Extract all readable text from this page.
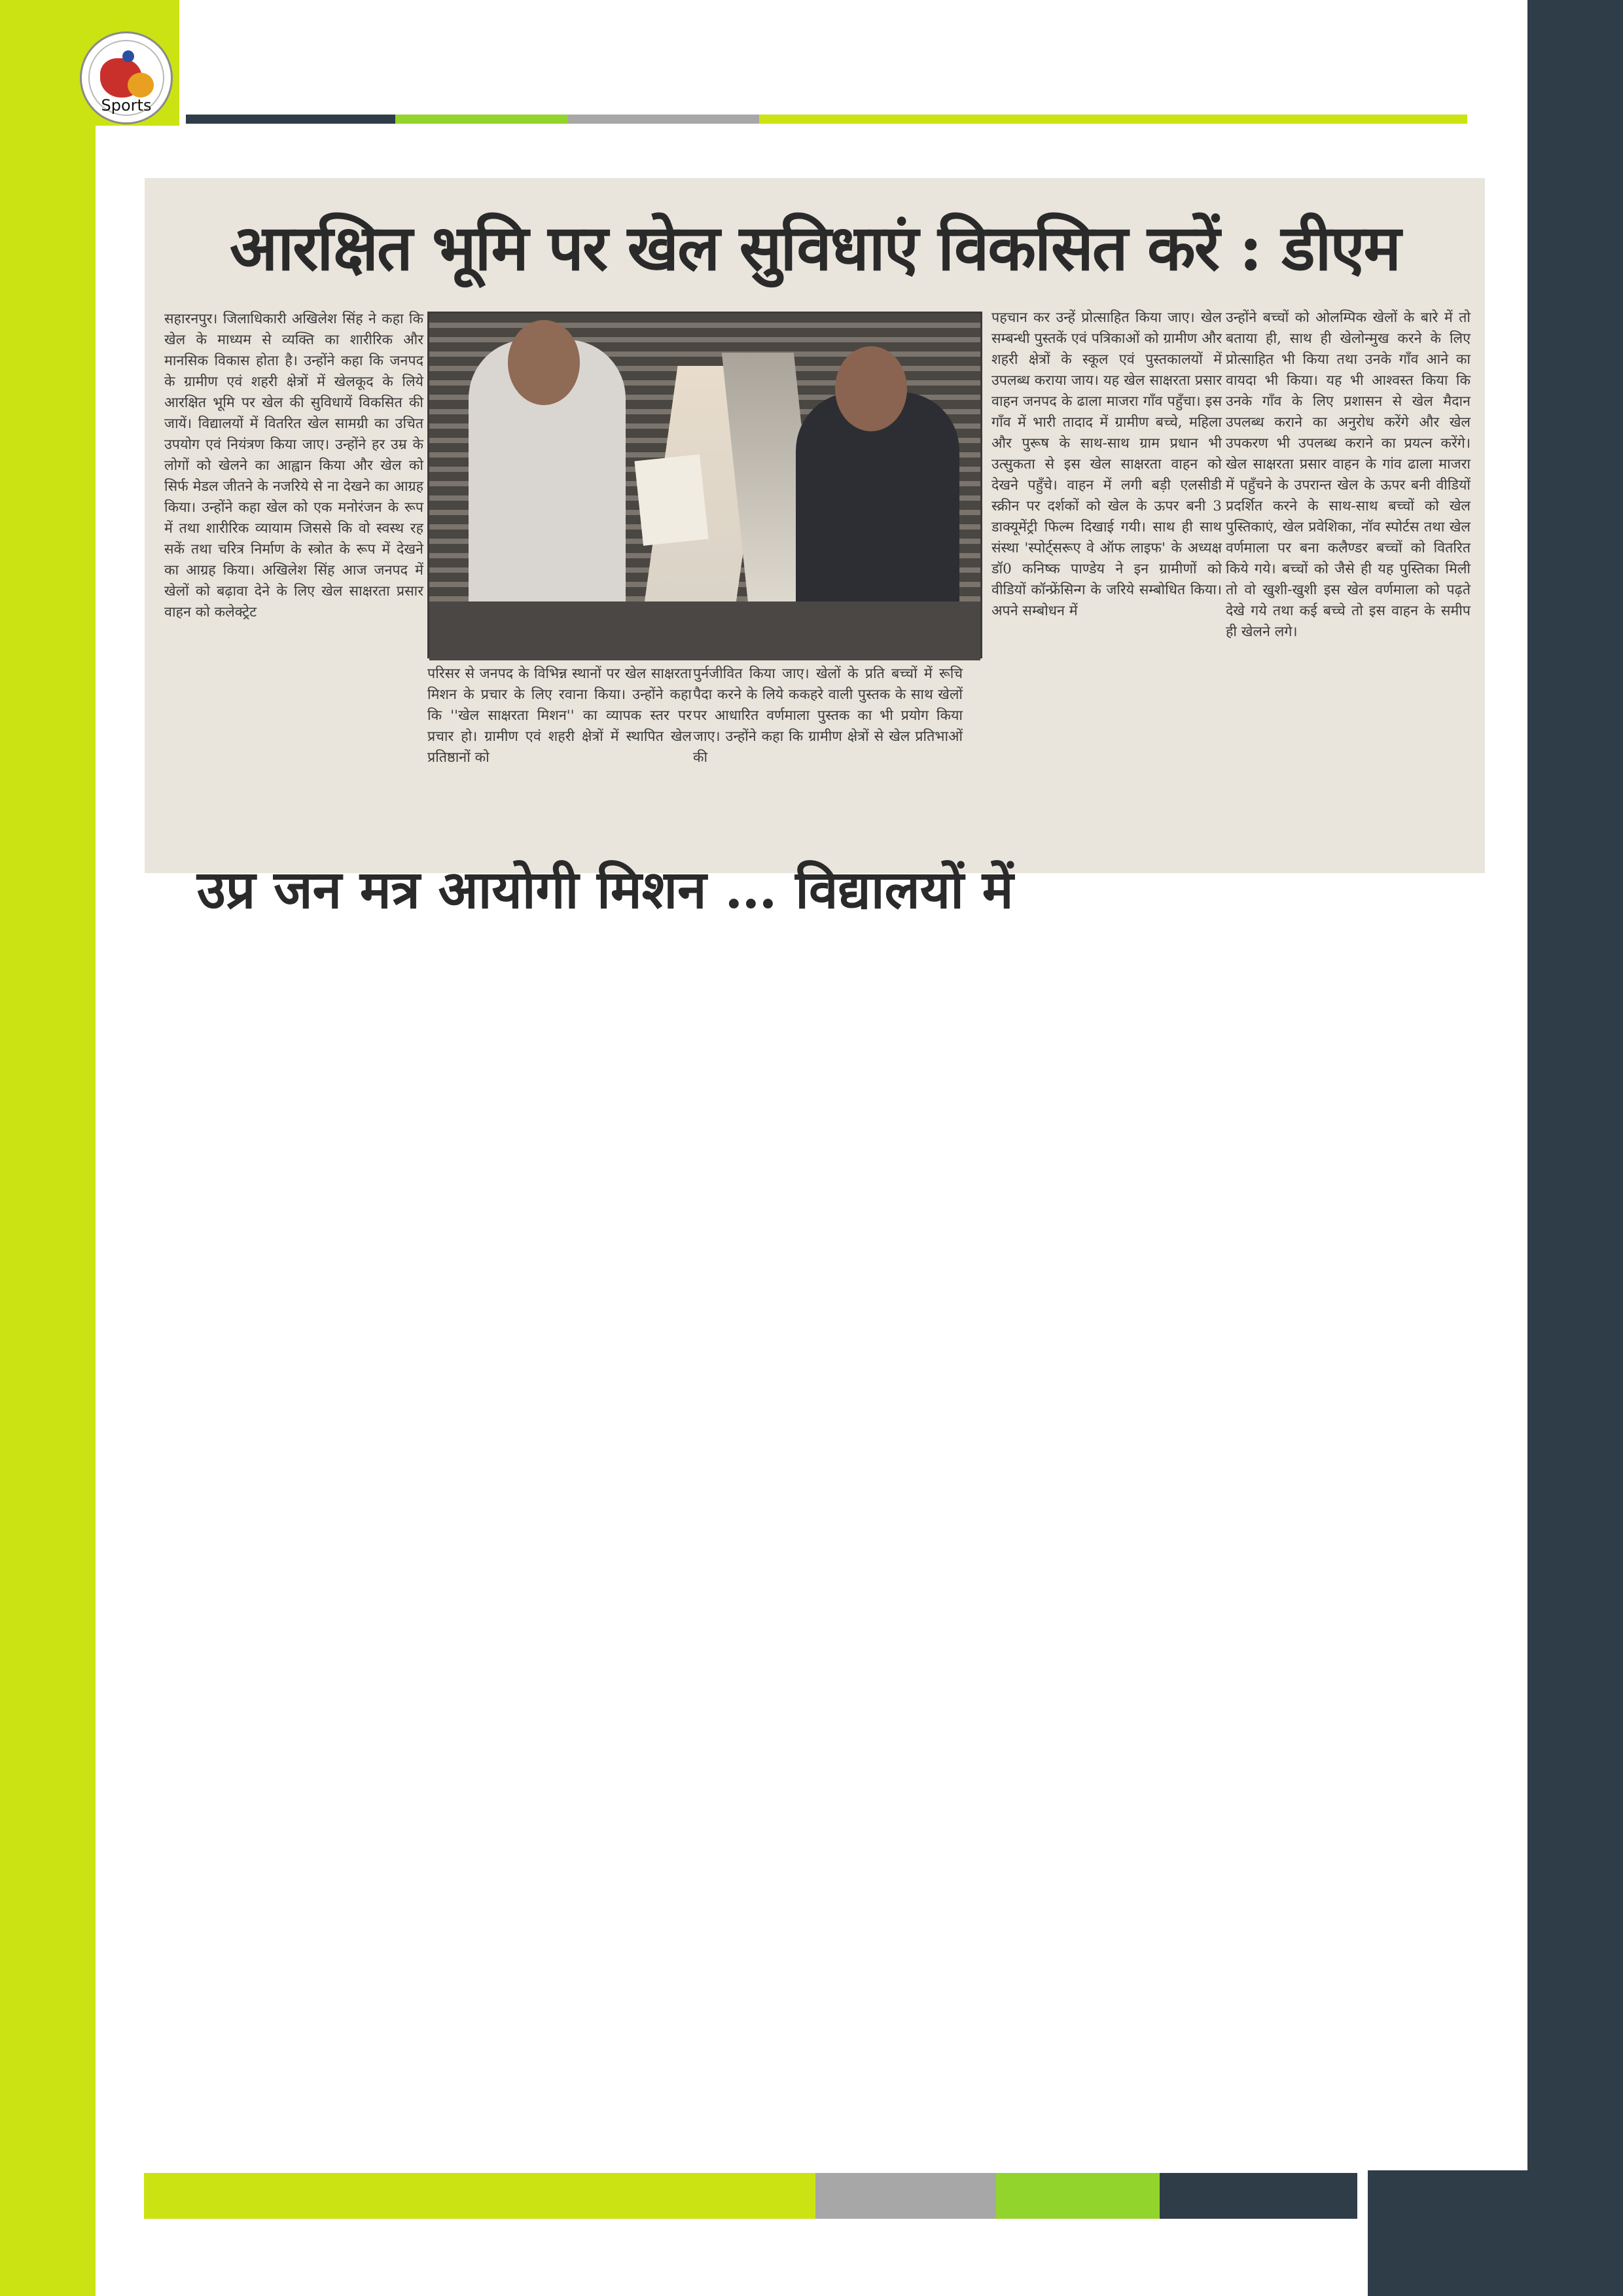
Sports
आरक्षित भूमि पर खेल सुविधाएं विकसित करें : डीएम
सहारनपुर। जिलाधिकारी अखिलेश सिंह ने कहा कि खेल के माध्यम से व्यक्ति का शारीरिक और मानसिक विकास होता है। उन्होंने कहा कि जनपद के ग्रामीण एवं शहरी क्षेत्रों में खेलकूद के लिये आरक्षित भूमि पर खेल की सुविधायें विकसित की जायें। विद्यालयों में वितरित खेल सामग्री का उचित उपयोग एवं नियंत्रण किया जाए। उन्होंने हर उम्र के लोगों को खेलने का आह्वान किया और खेल को सिर्फ मेडल जीतने के नजरिये से ना देखने का आग्रह किया। उन्होंने कहा खेल को एक मनोरंजन के रूप में तथा शारीरिक व्यायाम जिससे कि वो स्वस्थ रह सकें तथा चरित्र निर्माण के स्त्रोत के रूप में देखने का आग्रह किया। अखिलेश सिंह आज जनपद में खेलों को बढ़ावा देने के लिए खेल साक्षरता प्रसार वाहन को कलेक्ट्रेट
परिसर से जनपद के विभिन्न स्थानों पर खेल साक्षरता मिशन के प्रचार के लिए रवाना किया। उन्होंने कहा कि ''खेल साक्षरता मिशन'' का व्यापक स्तर पर प्रचार हो। ग्रामीण एवं शहरी क्षेत्रों में स्थापित खेल प्रतिष्ठानों को
पुर्नजीवित किया जाए। खेलों के प्रति बच्चों में रूचि पैदा करने के लिये ककहरे वाली पुस्तक के साथ खेलों पर आधारित वर्णमाला पुस्तक का भी प्रयोग किया जाए। उन्होंने कहा कि ग्रामीण क्षेत्रों से खेल प्रतिभाओं की
पहचान कर उन्हें प्रोत्साहित किया जाए। खेल सम्बन्धी पुस्तकें एवं पत्रिकाओं को ग्रामीण और शहरी क्षेत्रों के स्कूल एवं पुस्तकालयों में उपलब्ध कराया जाय। यह खेल साक्षरता प्रसार वाहन जनपद के ढाला माजरा गाँव पहुँचा। इस गाँव में भारी तादाद में ग्रामीण बच्चे, महिला और पुरूष के साथ-साथ ग्राम प्रधान भी उत्सुकता से इस खेल साक्षरता वाहन को देखने पहुँचे। वाहन में लगी बड़ी एलसीडी स्क्रीन पर दर्शकों को खेल के ऊपर बनी 3 डाक्यूमेंट्री फिल्म दिखाई गयी। साथ ही साथ संस्था 'स्पोर्ट्सरूए वे ऑफ लाइफ' के अध्यक्ष डॉ0 कनिष्क पाण्डेय ने इन ग्रामीणों को वीडियों कॉन्फ्रेंसिन्ग के जरिये सम्बोधित किया। अपने सम्बोधन में
उन्होंने बच्चों को ओलम्पिक खेलों के बारे में तो बताया ही, साथ ही खेलोन्मुख करने के लिए प्रोत्साहित भी किया तथा उनके गाँव आने का वायदा भी किया। यह भी आश्वस्त किया कि उनके गाँव के लिए प्रशासन से खेल मैदान उपलब्ध कराने का अनुरोध करेंगे और खेल उपकरण भी उपलब्ध कराने का प्रयत्न करेंगे। खेल साक्षरता प्रसार वाहन के गांव ढाला माजरा में पहुँचने के उपरान्त खेल के ऊपर बनी वीडियों प्रदर्शित करने के साथ-साथ बच्चों को खेल पुस्तिकाएं, खेल प्रवेशिका, नॉव स्पोर्टस तथा खेल वर्णमाला पर बना कलैण्डर बच्चों को वितरित किये गये। बच्चों को जैसे ही यह पुस्तिका मिली तो वो खुशी-खुशी इस खेल वर्णमाला को पढ़ते देखे गये तथा कई बच्चे तो इस वाहन के समीप ही खेलने लगे।
उप्र जन मत्र आयोगी मिशन … विद्यालयों में
